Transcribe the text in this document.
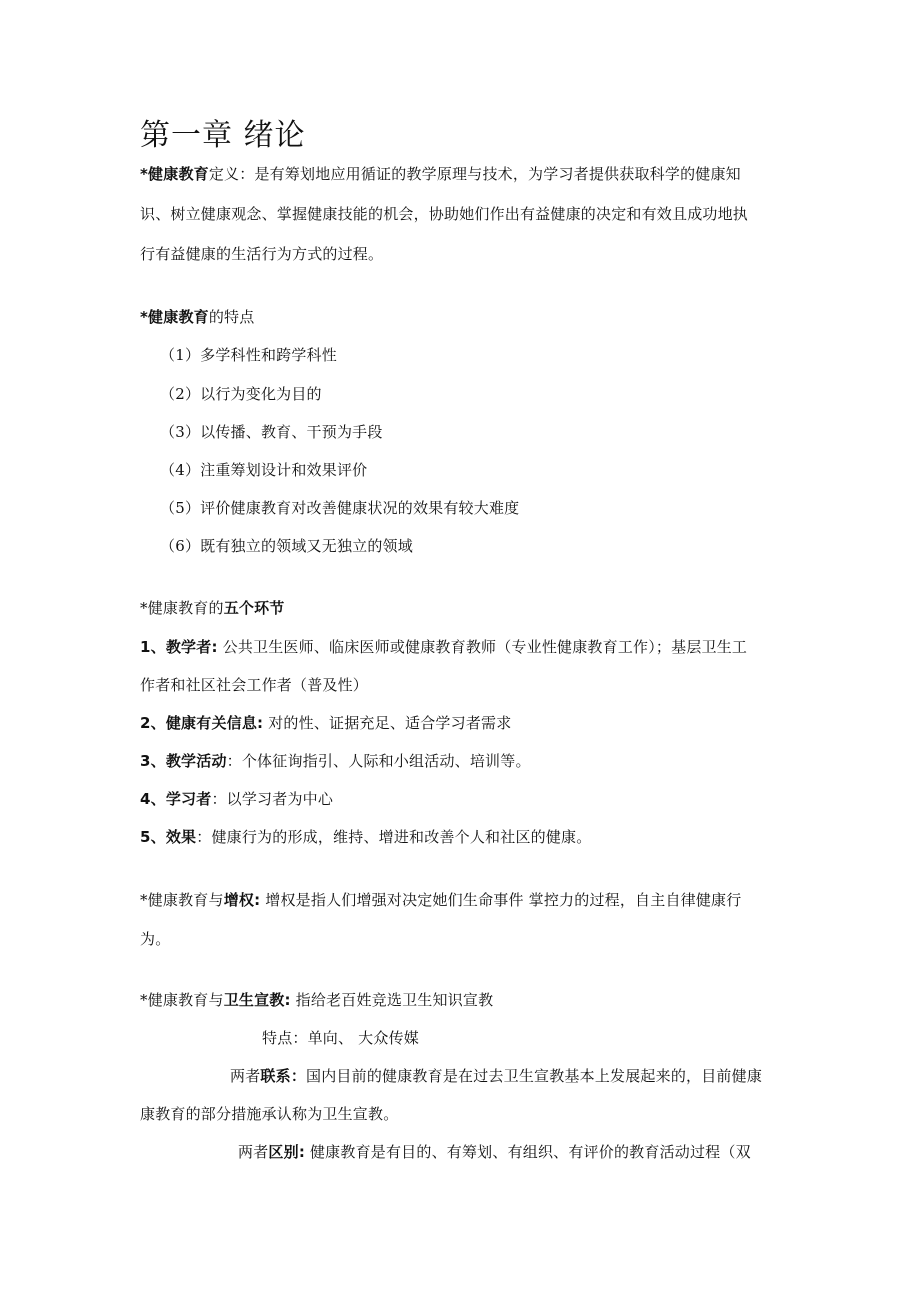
第一章 绪论
*健康教育定义：是有筹划地应用循证的教学原理与技术，为学习者提供获取科学的健康知
识、树立健康观念、掌握健康技能的机会，协助她们作出有益健康的决定和有效且成功地执
行有益健康的生活行为方式的过程。
*健康教育的特点
（1）多学科性和跨学科性
（2）以行为变化为目的
（3）以传播、教育、干预为手段
（4）注重筹划设计和效果评价
（5）评价健康教育对改善健康状况的效果有较大难度
（6）既有独立的领域又无独立的领域
*健康教育的五个环节
1、教学者: 公共卫生医师、临床医师或健康教育教师（专业性健康教育工作）；基层卫生工
作者和社区社会工作者（普及性）
2、健康有关信息: 对的性、证据充足、适合学习者需求
3、教学活动：个体征询指引、人际和小组活动、培训等。
4、学习者：以学习者为中心
5、效果：健康行为的形成，维持、增进和改善个人和社区的健康。
*健康教育与增权: 增权是指人们增强对决定她们生命事件 掌控力的过程，自主自律健康行
为。
*健康教育与卫生宣教: 指给老百姓竞选卫生知识宣教
特点：单向、 大众传媒
两者联系：国内目前的健康教育是在过去卫生宣教基本上发展起来的，目前健康
康教育的部分措施承认称为卫生宣教。
两者区别: 健康教育是有目的、有筹划、有组织、有评价的教育活动过程（双
